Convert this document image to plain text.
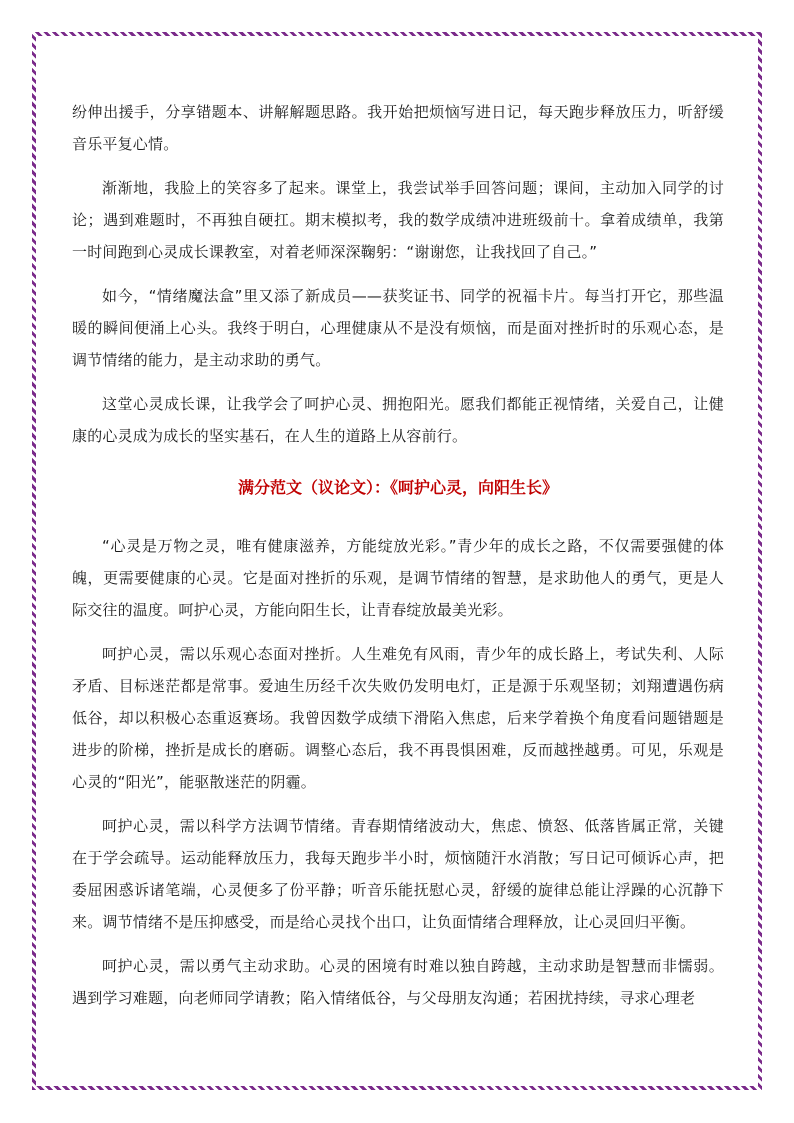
纷伸出援手，分享错题本、讲解解题思路。我开始把烦恼写进日记，每天跑步释放压力，听舒缓音乐平复心情。

渐渐地，我脸上的笑容多了起来。课堂上，我尝试举手回答问题；课间，主动加入同学的讨论；遇到难题时，不再独自硬扛。期末模拟考，我的数学成绩冲进班级前十。拿着成绩单，我第一时间跑到心灵成长课教室，对着老师深深鞠躬：“谢谢您，让我找回了自己。”

如今，“情绪魔法盒”里又添了新成员——获奖证书、同学的祝福卡片。每当打开它，那些温暖的瞬间便涌上心头。我终于明白，心理健康从不是没有烦恼，而是面对挫折时的乐观心态，是调节情绪的能力，是主动求助的勇气。

这堂心灵成长课，让我学会了呵护心灵、拥抱阳光。愿我们都能正视情绪，关爱自己，让健康的心灵成为成长的坚实基石，在人生的道路上从容前行。

满分范文（议论文）：《呵护心灵，向阳生长》

“心灵是万物之灵，唯有健康滋养，方能绽放光彩。”青少年的成长之路，不仅需要强健的体魄，更需要健康的心灵。它是面对挫折的乐观，是调节情绪的智慧，是求助他人的勇气，更是人际交往的温度。呵护心灵，方能向阳生长，让青春绽放最美光彩。

呵护心灵，需以乐观心态面对挫折。人生难免有风雨，青少年的成长路上，考试失利、人际矛盾、目标迷茫都是常事。爱迪生历经千次失败仍发明电灯，正是源于乐观坚韧；刘翔遭遇伤病低谷，却以积极心态重返赛场。我曾因数学成绩下滑陷入焦虑，后来学着换个角度看问题错题是进步的阶梯，挫折是成长的磨砺。调整心态后，我不再畏惧困难，反而越挫越勇。可见，乐观是心灵的“阳光”，能驱散迷茫的阴霾。

呵护心灵，需以科学方法调节情绪。青春期情绪波动大，焦虑、愤怒、低落皆属正常，关键在于学会疏导。运动能释放压力，我每天跑步半小时，烦恼随汗水消散；写日记可倾诉心声，把委屈困惑诉诸笔端，心灵便多了份平静；听音乐能抚慰心灵，舒缓的旋律总能让浮躁的心沉静下来。调节情绪不是压抑感受，而是给心灵找个出口，让负面情绪合理释放，让心灵回归平衡。

呵护心灵，需以勇气主动求助。心灵的困境有时难以独自跨越，主动求助是智慧而非懦弱。遇到学习难题，向老师同学请教；陷入情绪低谷，与父母朋友沟通；若困扰持续，寻求心理老
